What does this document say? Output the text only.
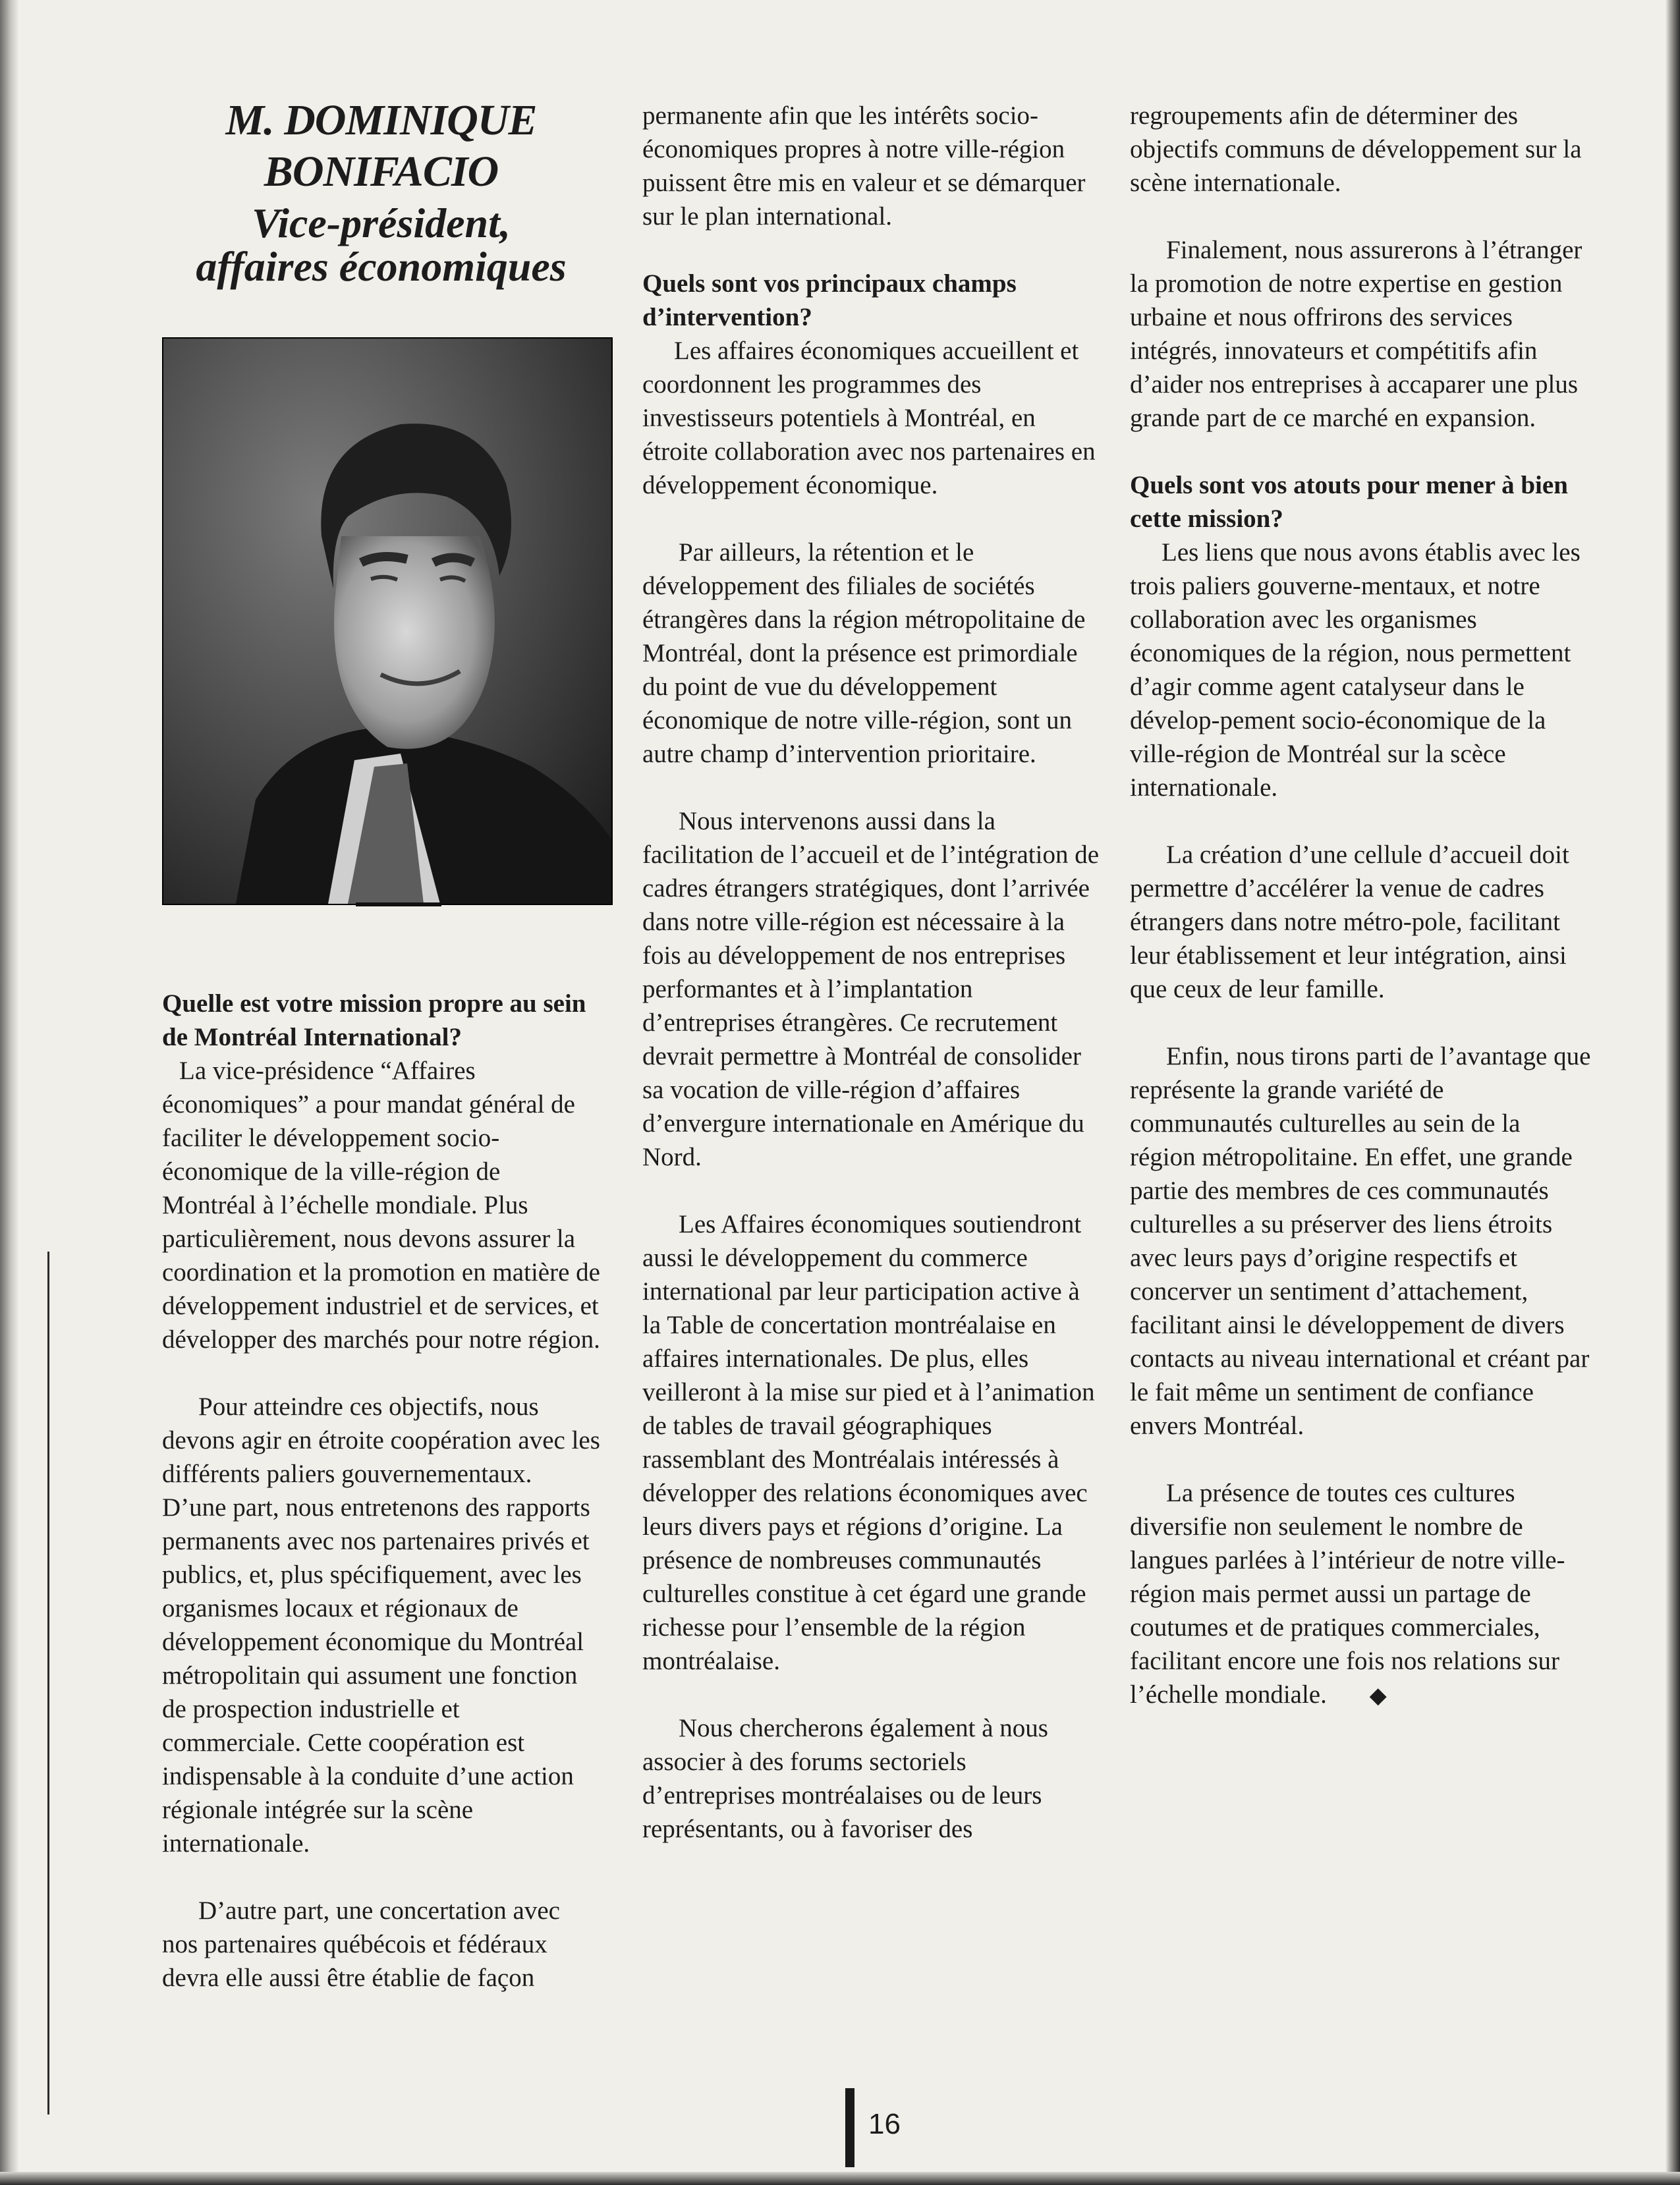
M. DOMINIQUE
BONIFACIO
Vice-président,
affaires économiques
Quelle est votre mission propre au sein de Montréal International?

La vice-présidence “Affaires économiques” a pour mandat général de faciliter le développement socio-économique de la ville-région de Montréal à l’échelle mondiale. Plus particulièrement, nous devons assurer la coordination et la promotion en matière de développement industriel et de services, et développer des marchés pour notre région.

Pour atteindre ces objectifs, nous devons agir en étroite coopération avec les différents paliers gouvernementaux. D’une part, nous entretenons des rapports permanents avec nos partenaires privés et publics, et, plus spécifiquement, avec les organismes locaux et régionaux de développement économique du Montréal métropolitain qui assument une fonction de prospection industrielle et commerciale. Cette coopération est indispensable à la conduite d’une action régionale intégrée sur la scène internationale.

D’autre part, une concertation avec nos partenaires québécois et fédéraux devra elle aussi être établie de façon

permanente afin que les intérêts socio-économiques propres à notre ville-région puissent être mis en valeur et se démarquer sur le plan international.

Quels sont vos principaux champs d’intervention?

Les affaires économiques accueillent et coordonnent les programmes des investisseurs potentiels à Montréal, en étroite collaboration avec nos partenaires en développement économique.

Par ailleurs, la rétention et le développement des filiales de sociétés étrangères dans la région métropolitaine de Montréal, dont la présence est primordiale du point de vue du développement économique de notre ville-région, sont un autre champ d’intervention prioritaire.

Nous intervenons aussi dans la facilitation de l’accueil et de l’intégration de cadres étrangers stratégiques, dont l’arrivée dans notre ville-région est nécessaire à la fois au développement de nos entreprises performantes et à l’implantation d’entreprises étrangères. Ce recrutement devrait permettre à Montréal de consolider sa vocation de ville-région d’affaires d’envergure internationale en Amérique du Nord.

Les Affaires économiques soutiendront aussi le développement du commerce international par leur participation active à la Table de concertation montréalaise en affaires internationales. De plus, elles veilleront à la mise sur pied et à l’animation de tables de travail géographiques rassemblant des Montréalais intéressés à développer des relations économiques avec leurs divers pays et régions d’origine. La présence de nombreuses communautés culturelles constitue à cet égard une grande richesse pour l’ensemble de la région montréalaise.

Nous chercherons également à nous associer à des forums sectoriels d’entreprises montréalaises ou de leurs représentants, ou à favoriser des

regroupements afin de déterminer des objectifs communs de développement sur la scène internationale.

Finalement, nous assurerons à l’étranger la promotion de notre expertise en gestion urbaine et nous offrirons des services intégrés, innovateurs et compétitifs afin d’aider nos entreprises à accaparer une plus grande part de ce marché en expansion.

Quels sont vos atouts pour mener à bien cette mission?

Les liens que nous avons établis avec les trois paliers gouverne-mentaux, et notre collaboration avec les organismes économiques de la région, nous permettent d’agir comme agent catalyseur dans le dévelop-pement socio-économique de la ville-région de Montréal sur la scèce internationale.

La création d’une cellule d’accueil doit permettre d’accélérer la venue de cadres étrangers dans notre métro-pole, facilitant leur établissement et leur intégration, ainsi que ceux de leur famille.

Enfin, nous tirons parti de l’avantage que représente la grande variété de communautés culturelles au sein de la région métropolitaine. En effet, une grande partie des membres de ces communautés culturelles a su préserver des liens étroits avec leurs pays d’origine respectifs et concerver un sentiment d’attachement, facilitant ainsi le développement de divers contacts au niveau international et créant par le fait même un sentiment de confiance envers Montréal.

La présence de toutes ces cultures diversifie non seulement le nombre de langues parlées à l’intérieur de notre ville-région mais permet aussi un partage de coutumes et de pratiques commerciales, facilitant encore une fois nos relations sur l’échelle mondiale. ◆

16
